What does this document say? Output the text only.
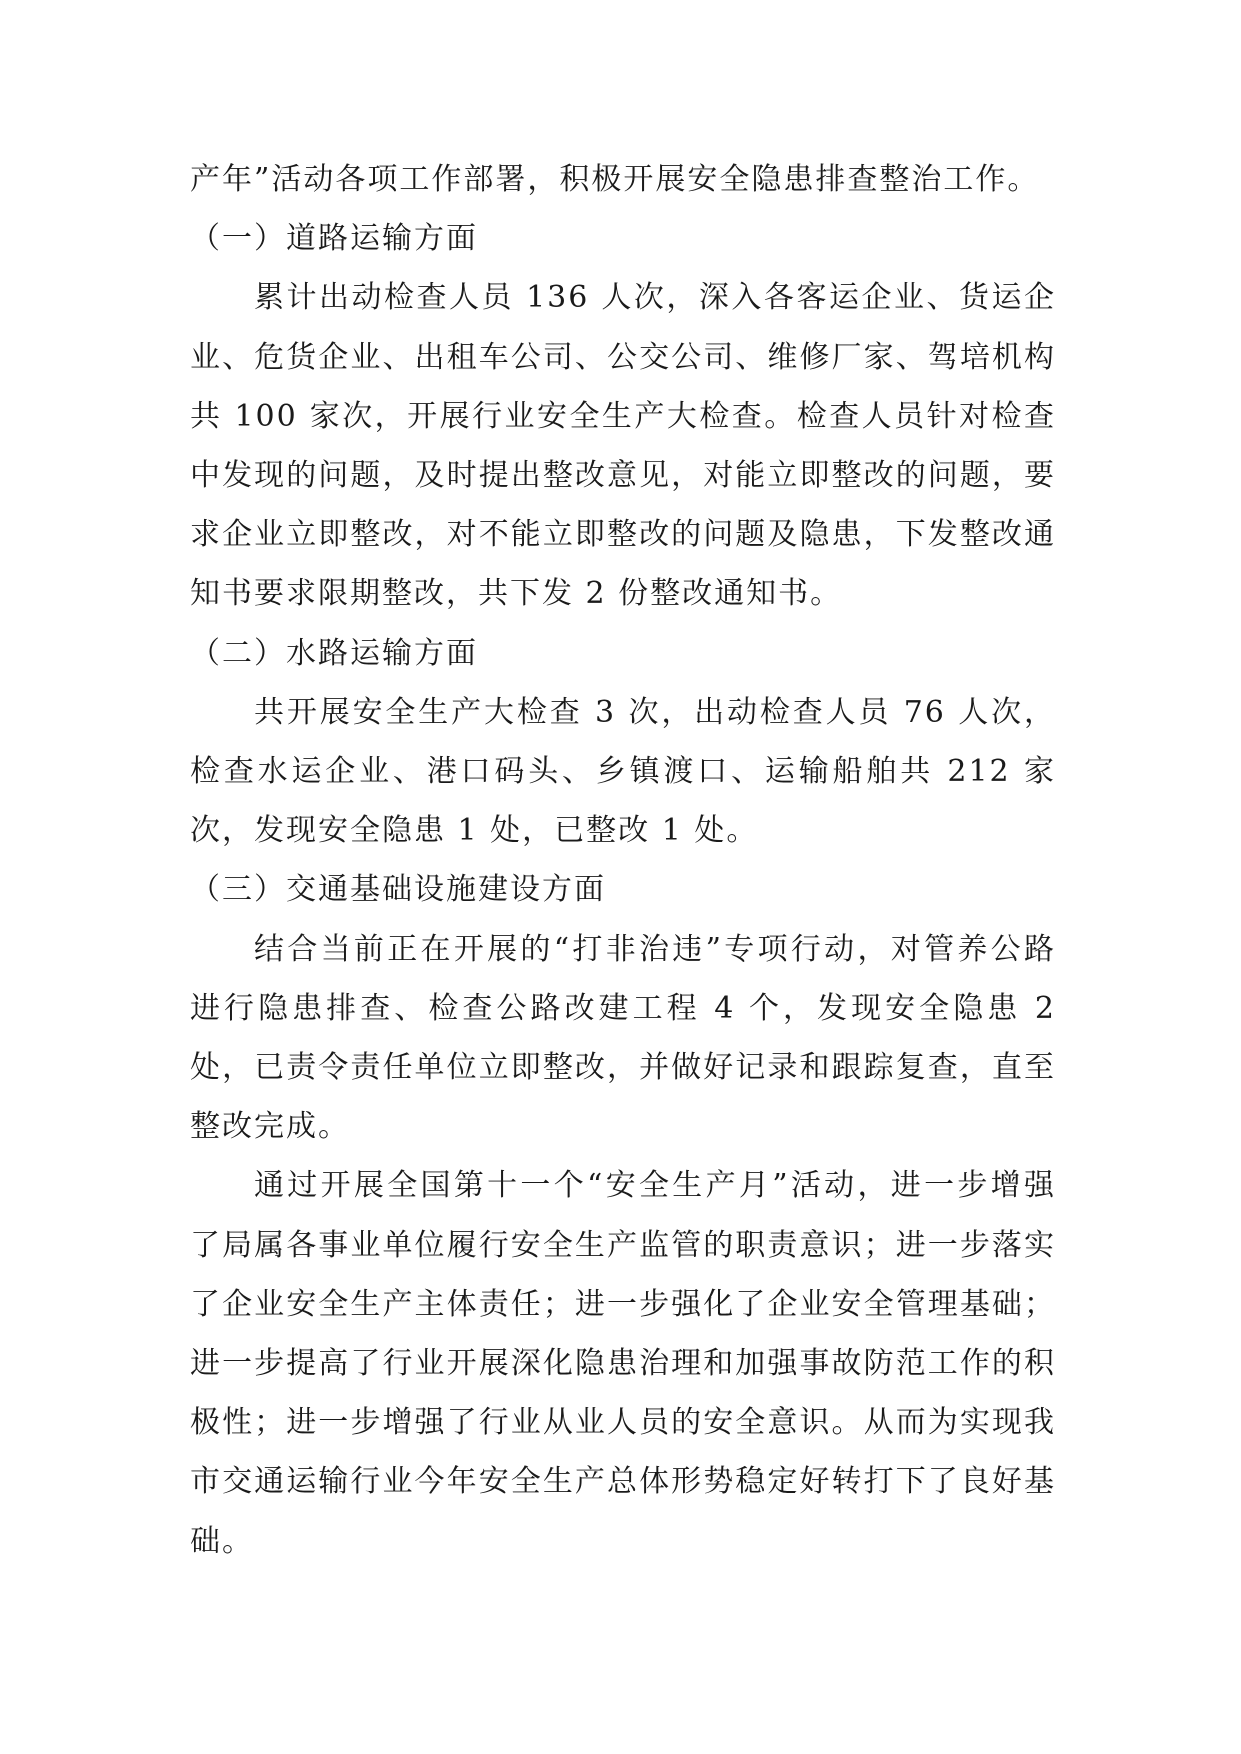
产年”活动各项工作部署，积极开展安全隐患排查整治工作。

（一）道路运输方面

累计出动检查人员 136 人次，深入各客运企业、货运企业、危货企业、出租车公司、公交公司、维修厂家、驾培机构共 100 家次，开展行业安全生产大检查。检查人员针对检查中发现的问题，及时提出整改意见，对能立即整改的问题，要求企业立即整改，对不能立即整改的问题及隐患，下发整改通知书要求限期整改，共下发 2 份整改通知书。

（二）水路运输方面

共开展安全生产大检查 3 次，出动检查人员 76 人次，检查水运企业、港口码头、乡镇渡口、运输船舶共 212 家次，发现安全隐患 1 处，已整改 1 处。

（三）交通基础设施建设方面

结合当前正在开展的“打非治违”专项行动，对管养公路进行隐患排查、检查公路改建工程 4 个，发现安全隐患 2 处，已责令责任单位立即整改，并做好记录和跟踪复查，直至整改完成。

通过开展全国第十一个“安全生产月”活动，进一步增强了局属各事业单位履行安全生产监管的职责意识；进一步落实了企业安全生产主体责任；进一步强化了企业安全管理基础；进一步提高了行业开展深化隐患治理和加强事故防范工作的积极性；进一步增强了行业从业人员的安全意识。从而为实现我市交通运输行业今年安全生产总体形势稳定好转打下了良好基础。
